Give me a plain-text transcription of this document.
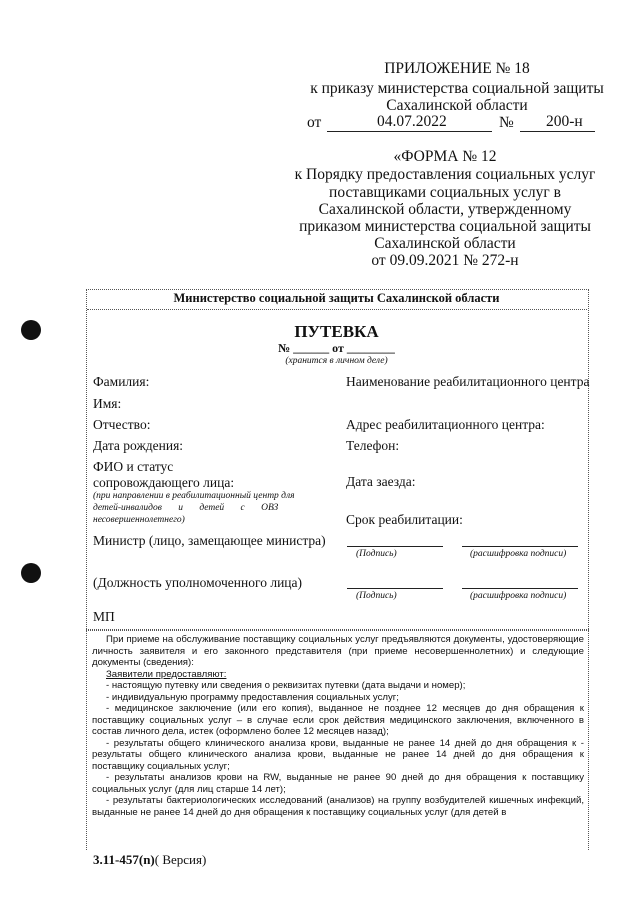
ПРИЛОЖЕНИЕ № 18
к приказу министерства социальной защиты
Сахалинской области
от	04.07.2022	№ 200-н
«ФОРМА № 12
к Порядку предоставления социальных услуг
поставщиками социальных услуг в
Сахалинской области, утвержденному
приказом министерства социальной защиты
Сахалинской области
от 09.09.2021 № 272-н
Министерство социальной защиты Сахалинской области
ПУТЕВКА
№ ______ от ________
(хранится в личном деле)
Фамилия:
Имя:
Отчество:
Дата рождения:
ФИО и статус
сопровождающего лица:
(при направлении в реабилитационный центр для
детей-инвалидов и детей с ОВЗ
несовершеннолетнего)
Министр (лицо, замещающее министра)
(Должность уполномоченного лица)
МП
Наименование реабилитационного центра
Адрес реабилитационного центра:
Телефон:
Дата заезда:
Срок реабилитации:
(Подпись)	(расшифровка подписи)
(Подпись)	(расшифровка подписи)

При приеме на обслуживание поставщику социальных услуг предъявляются документы, удостоверяющие личность заявителя и его законного представителя (при приеме несовершеннолетних) и следующие документы (сведения):

Заявители предоставляют:

- настоящую путевку или сведения о реквизитах путевки (дата выдачи и номер);

- индивидуальную программу предоставления социальных услуг;

- медицинское заключение (или его копия), выданное не позднее 12 месяцев до дня обращения к поставщику социальных услуг – в случае если срок действия медицинского заключения, включенного в состав личного дела, истек (оформлено более 12 месяцев назад);

- результаты общего клинического анализа крови, выданные не ранее 14 дней до дня обращения к - результаты общего клинического анализа крови, выданные не ранее 14 дней до дня обращения к поставщику социальных услуг;

- результаты анализов крови на RW, выданные не ранее 90 дней до дня обращения к поставщику социальных услуг (для лиц старше 14 лет);

- результаты бактериологических исследований (анализов) на группу возбудителей кишечных инфекций, выданные не ранее 14 дней до дня обращения к поставщику социальных услуг (для детей в

3.11-457(n)( Версия)
